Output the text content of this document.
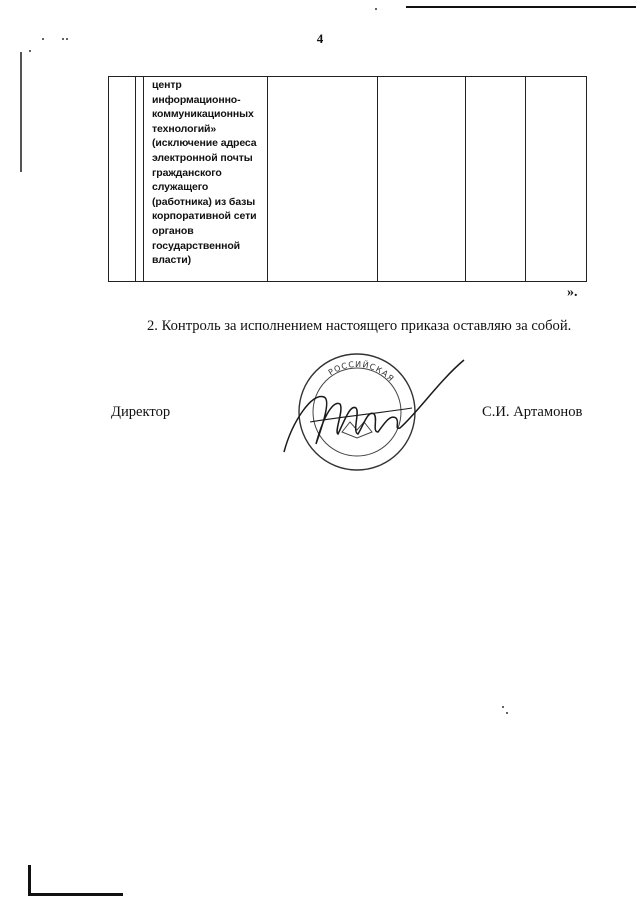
4

центр
информационно-
коммуникационных
технологий»
(исключение адреса
электронной почты
гражданского
служащего
(работника) из базы
корпоративной сети
органов
государственной
власти)

».
2. Контроль за исполнением настоящего приказа оставляю за собой.
Директор
РОССИЙСКАЯ
С.И. Артамонов
